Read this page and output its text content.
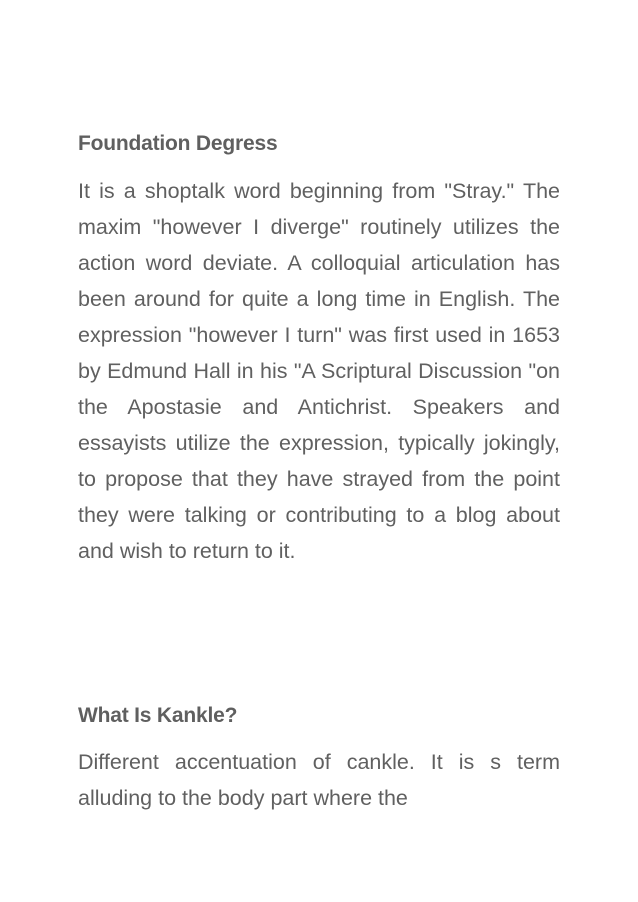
Foundation Degress

It is a shoptalk word beginning from "Stray." The maxim "however I diverge" routinely utilizes the action word deviate. A colloquial articulation has been around for quite a long time in English. The expression "however I turn" was first used in 1653 by Edmund Hall in his "A Scriptural Discussion "on the Apostasie and Antichrist. Speakers and essayists utilize the expression, typically jokingly, to propose that they have strayed from the point they were talking or contributing to a blog about and wish to return to it.

What Is Kankle?

Different accentuation of cankle. It is s term alluding to the body part where the
